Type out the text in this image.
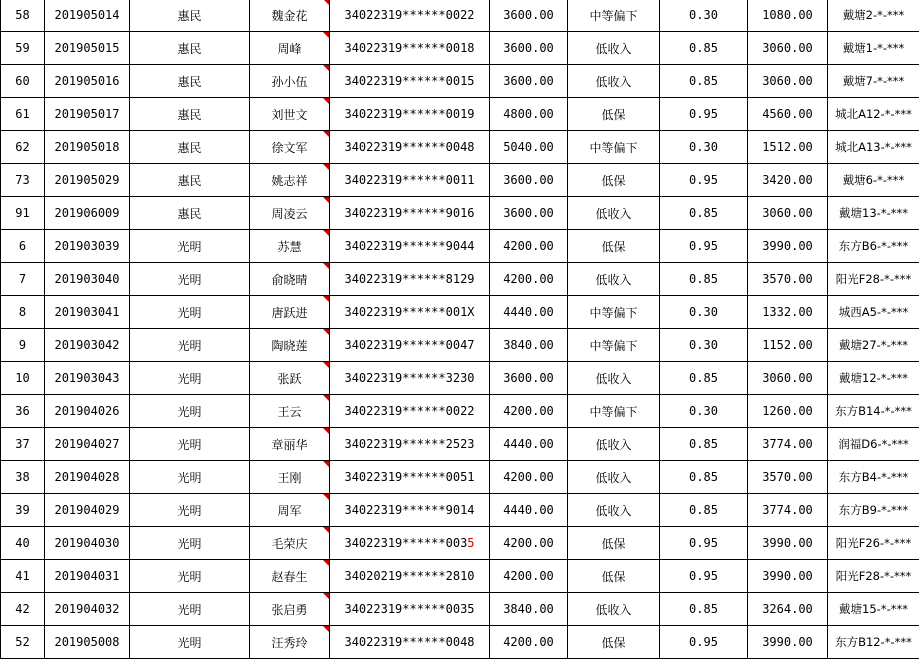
58	201905014	惠民	魏金花	34022319******0022	3600.00	中等偏下	0.30	1080.00	戴塘2-*-***
59	201905015	惠民	周峰	34022319******0018	3600.00	低收入	0.85	3060.00	戴塘1-*-***
60	201905016	惠民	孙小伍	34022319******0015	3600.00	低收入	0.85	3060.00	戴塘7-*-***
61	201905017	惠民	刘世文	34022319******0019	4800.00	低保	0.95	4560.00	城北A12-*-***
62	201905018	惠民	徐文军	34022319******0048	5040.00	中等偏下	0.30	1512.00	城北A13-*-***
73	201905029	惠民	姚志祥	34022319******0011	3600.00	低保	0.95	3420.00	戴塘6-*-***
91	201906009	惠民	周凌云	34022319******9016	3600.00	低收入	0.85	3060.00	戴塘13-*-***
6	201903039	光明	苏慧	34022319******9044	4200.00	低保	0.95	3990.00	东方B6-*-***
7	201903040	光明	俞晓晴	34022319******8129	4200.00	低收入	0.85	3570.00	阳光F28-*-***
8	201903041	光明	唐跃进	34022319******001X	4440.00	中等偏下	0.30	1332.00	城西A5-*-***
9	201903042	光明	陶晓莲	34022319******0047	3840.00	中等偏下	0.30	1152.00	戴塘27-*-***
10	201903043	光明	张跃	34022319******3230	3600.00	低收入	0.85	3060.00	戴塘12-*-***
36	201904026	光明	王云	34022319******0022	4200.00	中等偏下	0.30	1260.00	东方B14-*-***
37	201904027	光明	章丽华	34022319******2523	4440.00	低收入	0.85	3774.00	润福D6-*-***
38	201904028	光明	王刚	34022319******0051	4200.00	低收入	0.85	3570.00	东方B4-*-***
39	201904029	光明	周军	34022319******9014	4440.00	低收入	0.85	3774.00	东方B9-*-***
40	201904030	光明	毛荣庆	34022319******0035	4200.00	低保	0.95	3990.00	阳光F26-*-***
41	201904031	光明	赵春生	34020219******2810	4200.00	低保	0.95	3990.00	阳光F28-*-***
42	201904032	光明	张启勇	34022319******0035	3840.00	低收入	0.85	3264.00	戴塘15-*-***
52	201905008	光明	汪秀玲	34022319******0048	4200.00	低保	0.95	3990.00	东方B12-*-***
